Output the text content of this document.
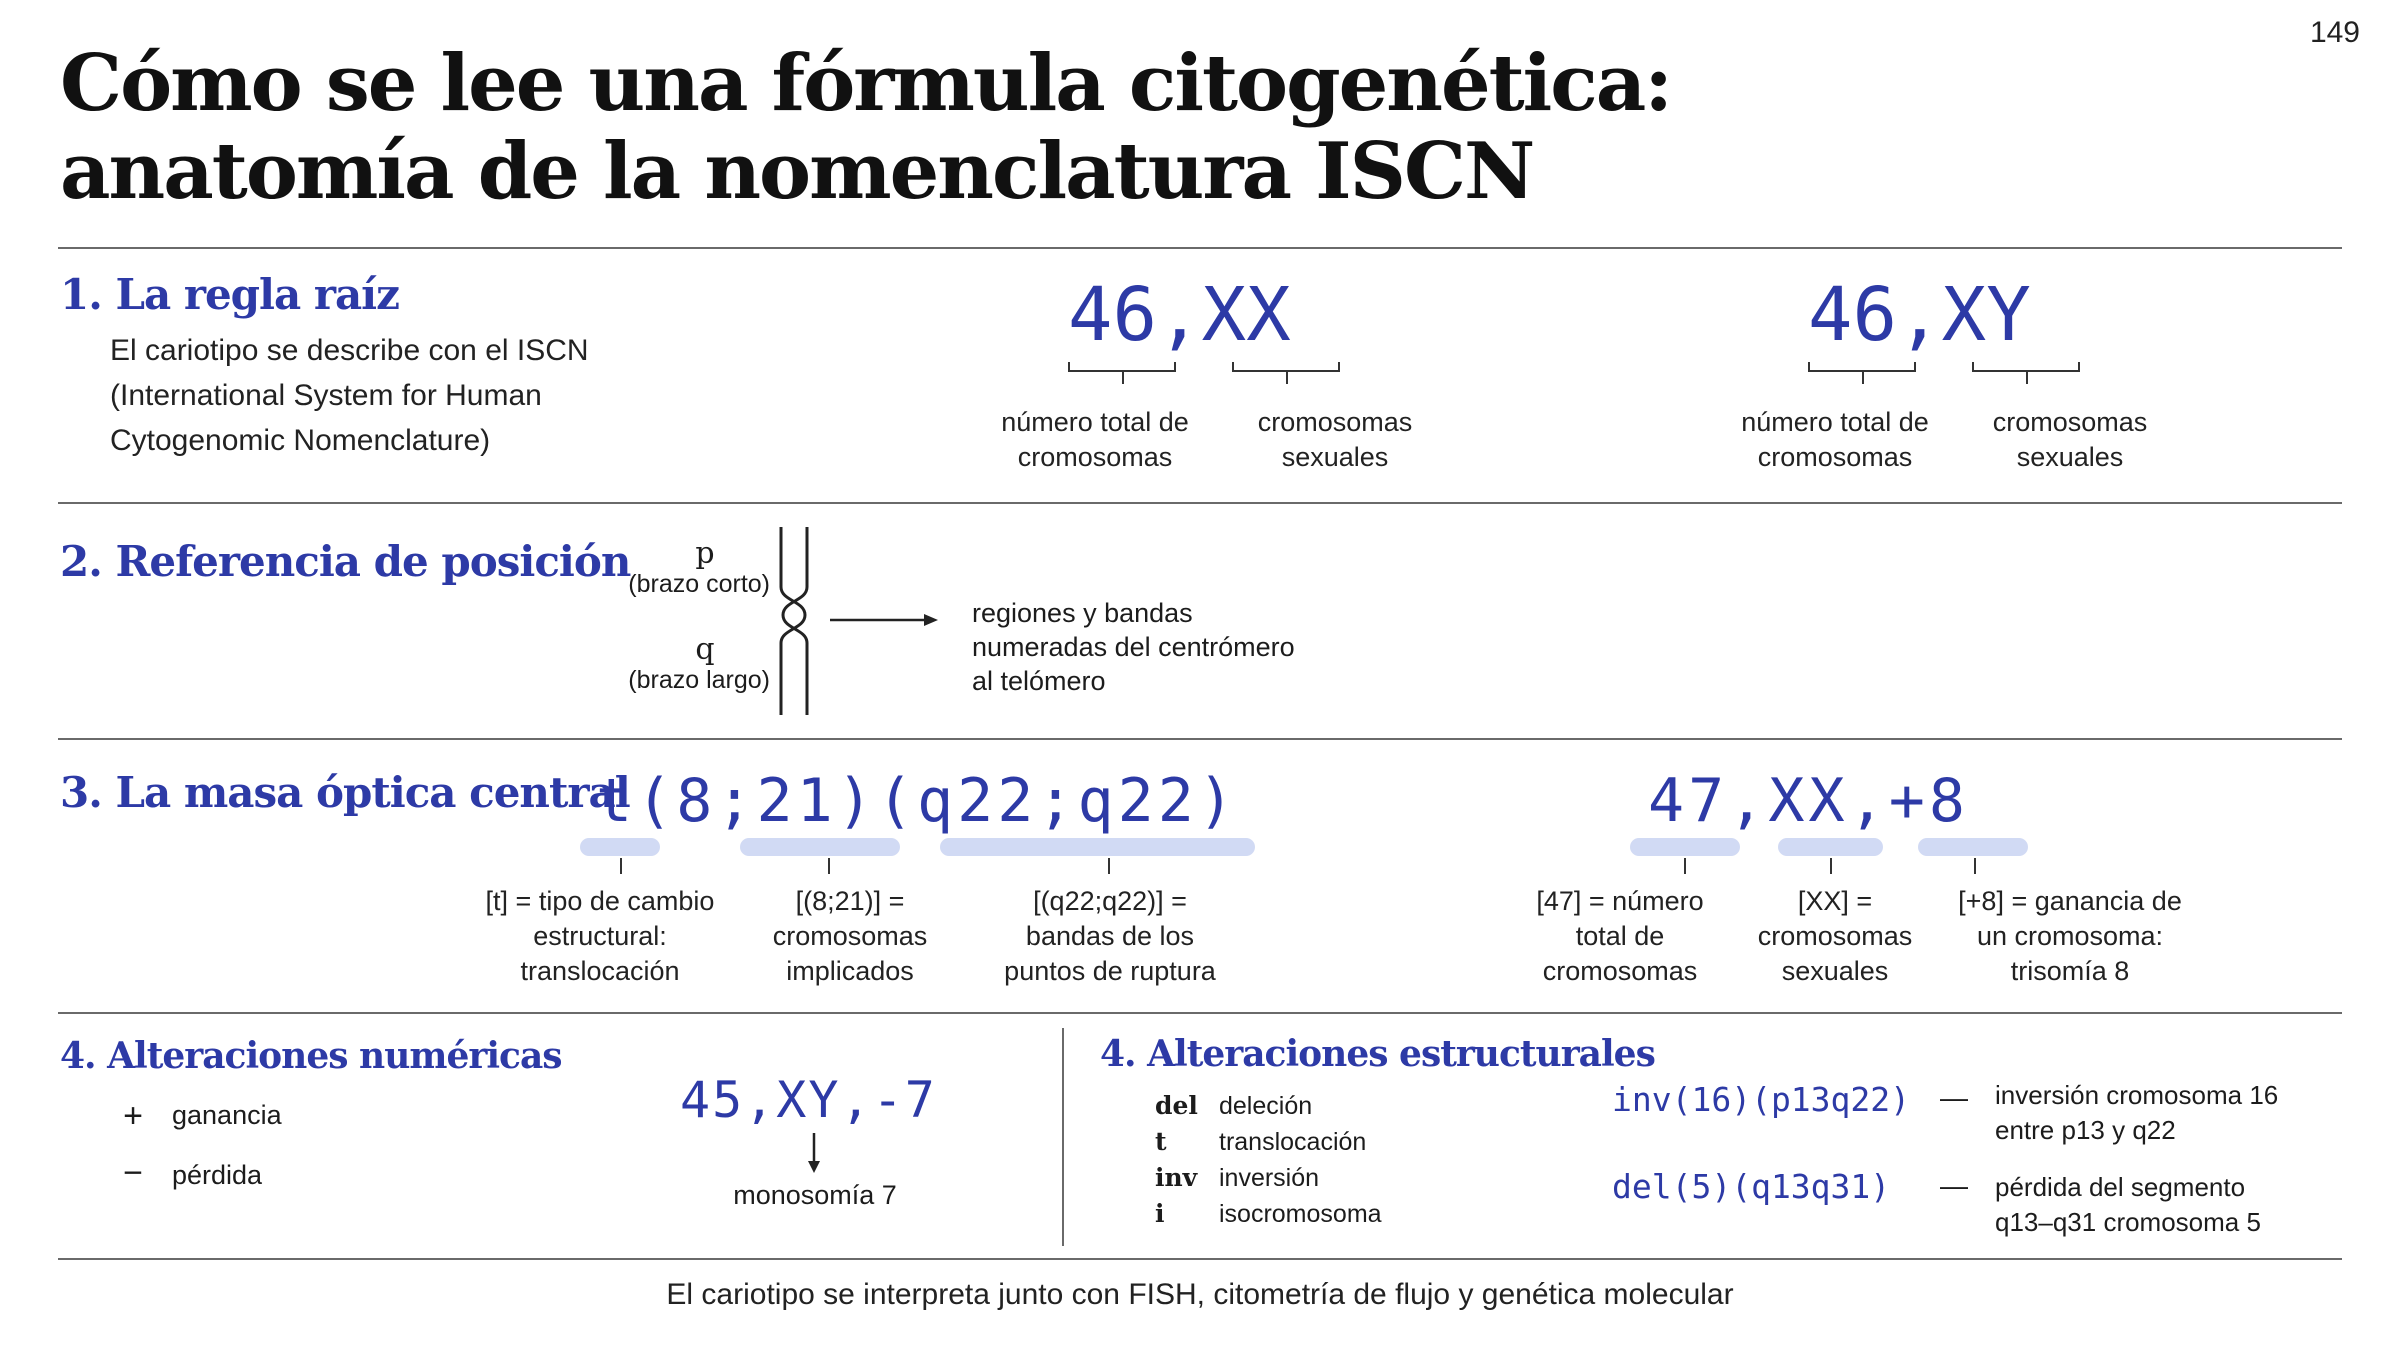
149
Cómo se lee una fórmula citogenética:
anatomía de la nomenclatura ISCN
1. La regla raíz
El cariotipo se describe con el ISCN
(International System for Human
Cytogenomic Nomenclature)
46,XX
número total de
cromosomas
cromosomas
sexuales
46,XY
número total de
cromosomas
cromosomas
sexuales
2. Referencia de posición p
(brazo corto)
q
(brazo largo)
regiones y bandas
numeradas del centrómero
al telómero
3. La masa óptica central
t(8;21)(q22;q22)
[t] = tipo de cambio
estructural:
translocación
[(8;21)] =
cromosomas
implicados
[(q22;q22)] =
bandas de los
puntos de ruptura
47,XX,+8
[47] = número
total de
cromosomas
[XX] =
cromosomas
sexuales
[+8] = ganancia de
un cromosoma:
trisomía 8
4. Alteraciones numéricas
+ ganancia
− pérdida
45,XY,-7
monosomía 7
4. Alteraciones estructurales
del deleción
t	translocación
inv inversión
i	isocromosoma
inv(16)(p13q22) — inversión cromosoma 16
entre p13 y q22
del(5)(q13q31) — pérdida del segmento
q13–q31 cromosoma 5
El cariotipo se interpreta junto con FISH, citometría de flujo y genética molecular
